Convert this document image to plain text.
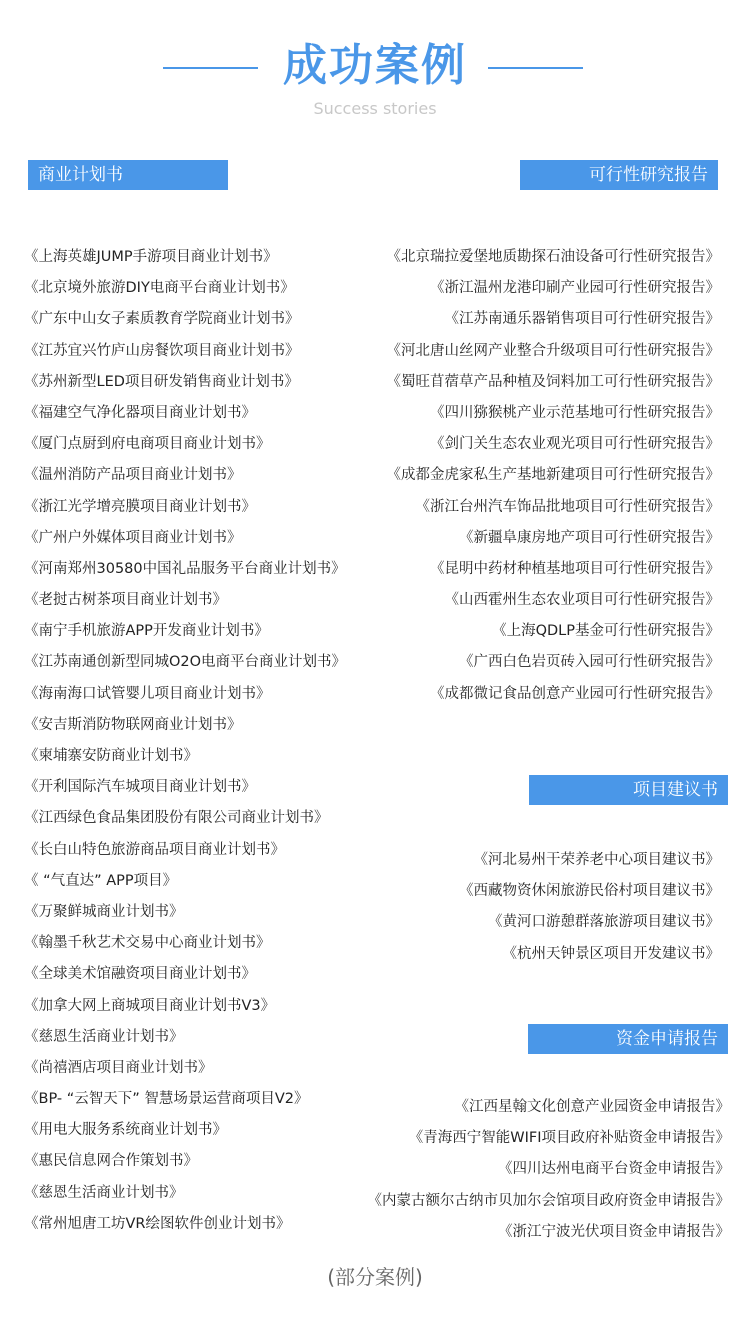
成功案例
Success stories
商业计划书
《上海英雄JUMP手游项目商业计划书》
《北京境外旅游DIY电商平台商业计划书》
《广东中山女子素质教育学院商业计划书》
《江苏宜兴竹庐山房餐饮项目商业计划书》
《苏州新型LED项目研发销售商业计划书》
《福建空气净化器项目商业计划书》
《厦门点厨到府电商项目商业计划书》
《温州消防产品项目商业计划书》
《浙江光学增亮膜项目商业计划书》
《广州户外媒体项目商业计划书》
《河南郑州30580中国礼品服务平台商业计划书》
《老挝古树茶项目商业计划书》
《南宁手机旅游APP开发商业计划书》
《江苏南通创新型同城O2O电商平台商业计划书》
《海南海口试管婴儿项目商业计划书》
《安吉斯消防物联网商业计划书》
《柬埔寨安防商业计划书》
《开利国际汽车城项目商业计划书》
《江西绿色食品集团股份有限公司商业计划书》
《长白山特色旅游商品项目商业计划书》
《 “气直达” APP项目》
《万聚鲜城商业计划书》
《翰墨千秋艺术交易中心商业计划书》
《全球美术馆融资项目商业计划书》
《加拿大网上商城项目商业计划书V3》
《慈恩生活商业计划书》
《尚禧酒店项目商业计划书》
《BP- “云智天下” 智慧场景运营商项目V2》
《用电大服务系统商业计划书》
《惠民信息网合作策划书》
《慈恩生活商业计划书》
《常州旭唐工坊VR绘图软件创业计划书》
可行性研究报告
《北京瑞拉爱堡地质勘探石油设备可行性研究报告》
《浙江温州龙港印刷产业园可行性研究报告》
《江苏南通乐器销售项目可行性研究报告》
《河北唐山丝网产业整合升级项目可行性研究报告》
《蜀旺苜蓿草产品种植及饲料加工可行性研究报告》
《四川猕猴桃产业示范基地可行性研究报告》
《剑门关生态农业观光项目可行性研究报告》
《成都金虎家私生产基地新建项目可行性研究报告》
《浙江台州汽车饰品批地项目可行性研究报告》
《新疆阜康房地产项目可行性研究报告》
《昆明中药材种植基地项目可行性研究报告》
《山西霍州生态农业项目可行性研究报告》
《上海QDLP基金可行性研究报告》
《广西白色岩页砖入园可行性研究报告》
《成都微记食品创意产业园可行性研究报告》
项目建议书
《河北易州干荣养老中心项目建议书》
《西藏物资休闲旅游民俗村项目建议书》
《黄河口游憩群落旅游项目建议书》
《杭州天钟景区项目开发建议书》
资金申请报告
《江西星翰文化创意产业园资金申请报告》
《青海西宁智能WIFI项目政府补贴资金申请报告》
《四川达州电商平台资金申请报告》
《内蒙古额尔古纳市贝加尔会馆项目政府资金申请报告》
《浙江宁波光伏项目资金申请报告》
(部分案例)
